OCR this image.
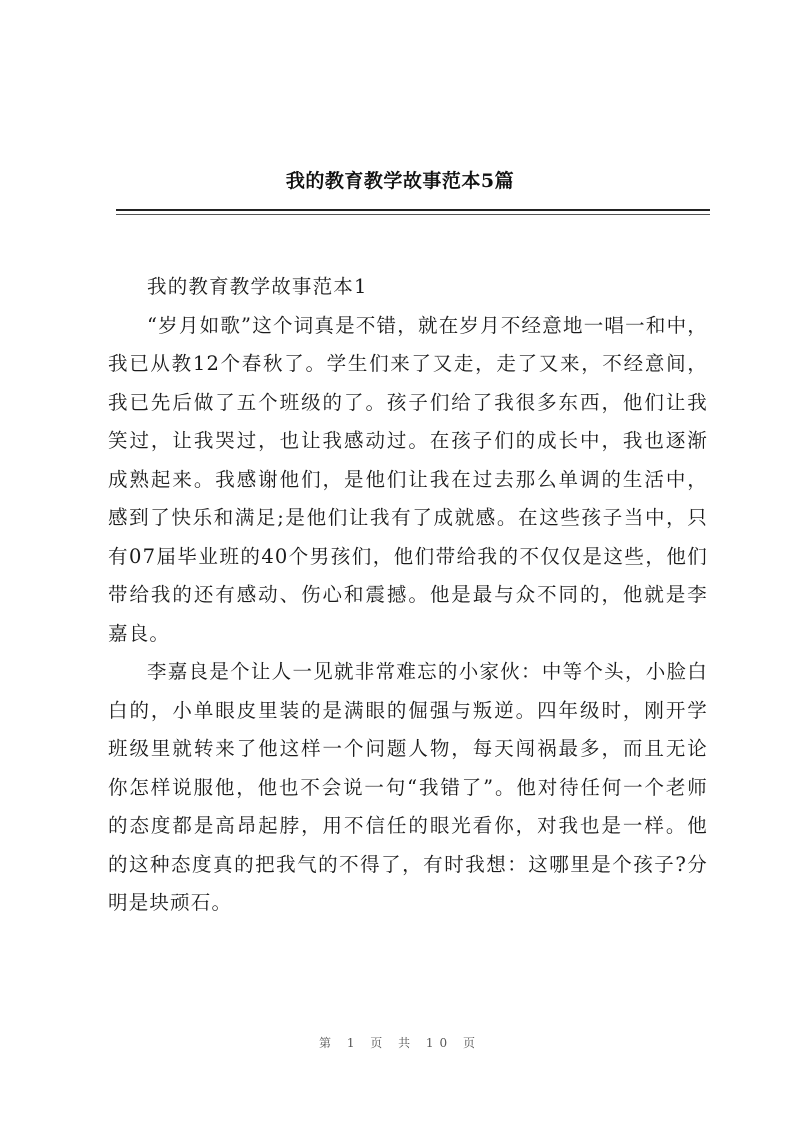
我的教育教学故事范本5篇

我的教育教学故事范本1

“岁月如歌”这个词真是不错，就在岁月不经意地一唱一和中，我已从教12个春秋了。学生们来了又走，走了又来，不经意间，我已先后做了五个班级的了。孩子们给了我很多东西，他们让我笑过，让我哭过，也让我感动过。在孩子们的成长中，我也逐渐成熟起来。我感谢他们，是他们让我在过去那么单调的生活中，感到了快乐和满足;是他们让我有了成就感。在这些孩子当中，只有07届毕业班的40个男孩们，他们带给我的不仅仅是这些，他们带给我的还有感动、伤心和震撼。他是最与众不同的，他就是李嘉良。

李嘉良是个让人一见就非常难忘的小家伙：中等个头，小脸白白的，小单眼皮里装的是满眼的倔强与叛逆。四年级时，刚开学班级里就转来了他这样一个问题人物，每天闯祸最多，而且无论你怎样说服他，他也不会说一句“我错了”。他对待任何一个老师的态度都是高昂起脖，用不信任的眼光看你，对我也是一样。他的这种态度真的把我气的不得了，有时我想：这哪里是个孩子?分明是块顽石。

第 1 页 共 10 页
